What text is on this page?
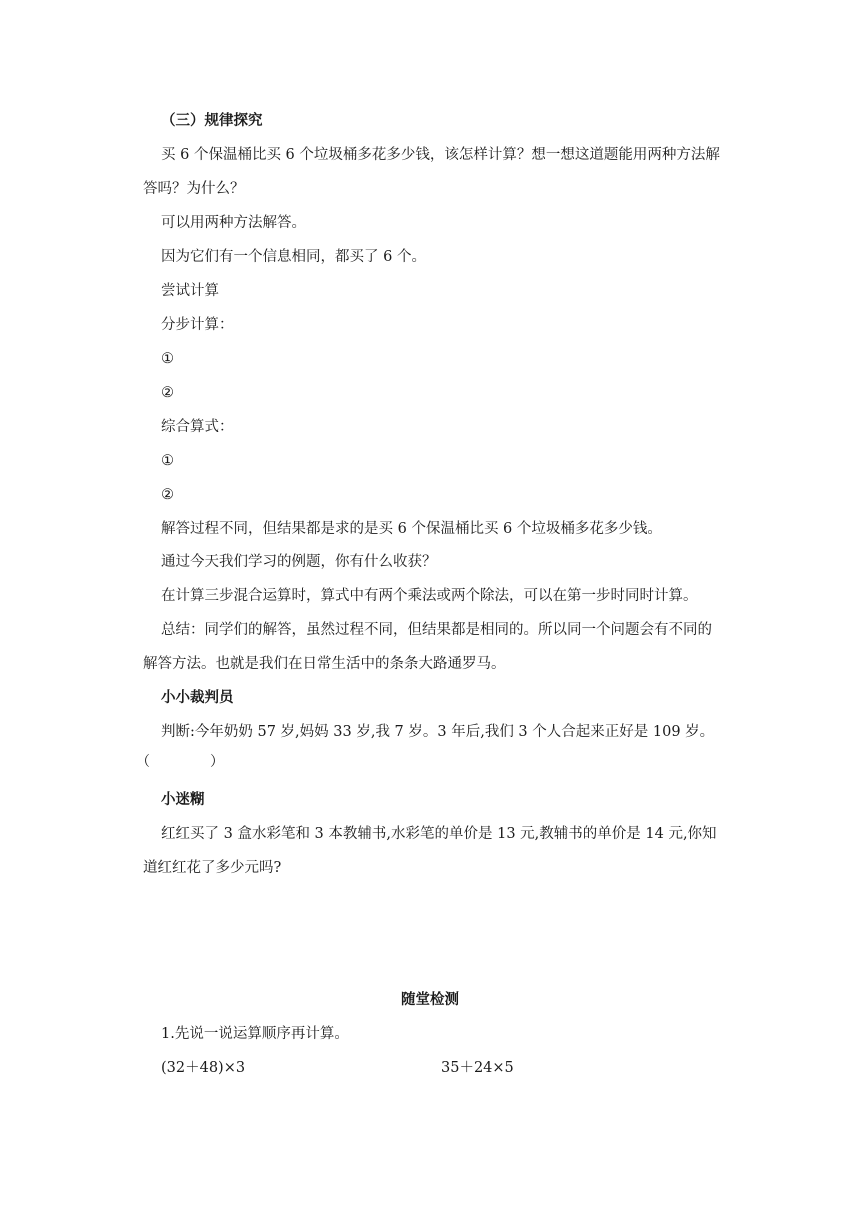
（三）规律探究
买 6 个保温桶比买 6 个垃圾桶多花多少钱，该怎样计算？想一想这道题能用两种方法解
答吗？为什么？
可以用两种方法解答。
因为它们有一个信息相同，都买了 6 个。
尝试计算
分步计算：
①
②
综合算式：
①
②
解答过程不同，但结果都是求的是买 6 个保温桶比买 6 个垃圾桶多花多少钱。
通过今天我们学习的例题，你有什么收获？
在计算三步混合运算时，算式中有两个乘法或两个除法，可以在第一步时同时计算。
总结：同学们的解答，虽然过程不同，但结果都是相同的。所以同一个问题会有不同的
解答方法。也就是我们在日常生活中的条条大路通罗马。
小小裁判员
判断:今年奶奶 57 岁,妈妈 33 岁,我 7 岁。3 年后,我们 3 个人合起来正好是 109 岁。
（	）
小迷糊
红红买了 3 盒水彩笔和 3 本教辅书,水彩笔的单价是 13 元,教辅书的单价是 14 元,你知
道红红花了多少元吗?
随堂检测
1.先说一说运算顺序再计算。
(32＋48)×3	35＋24×5
